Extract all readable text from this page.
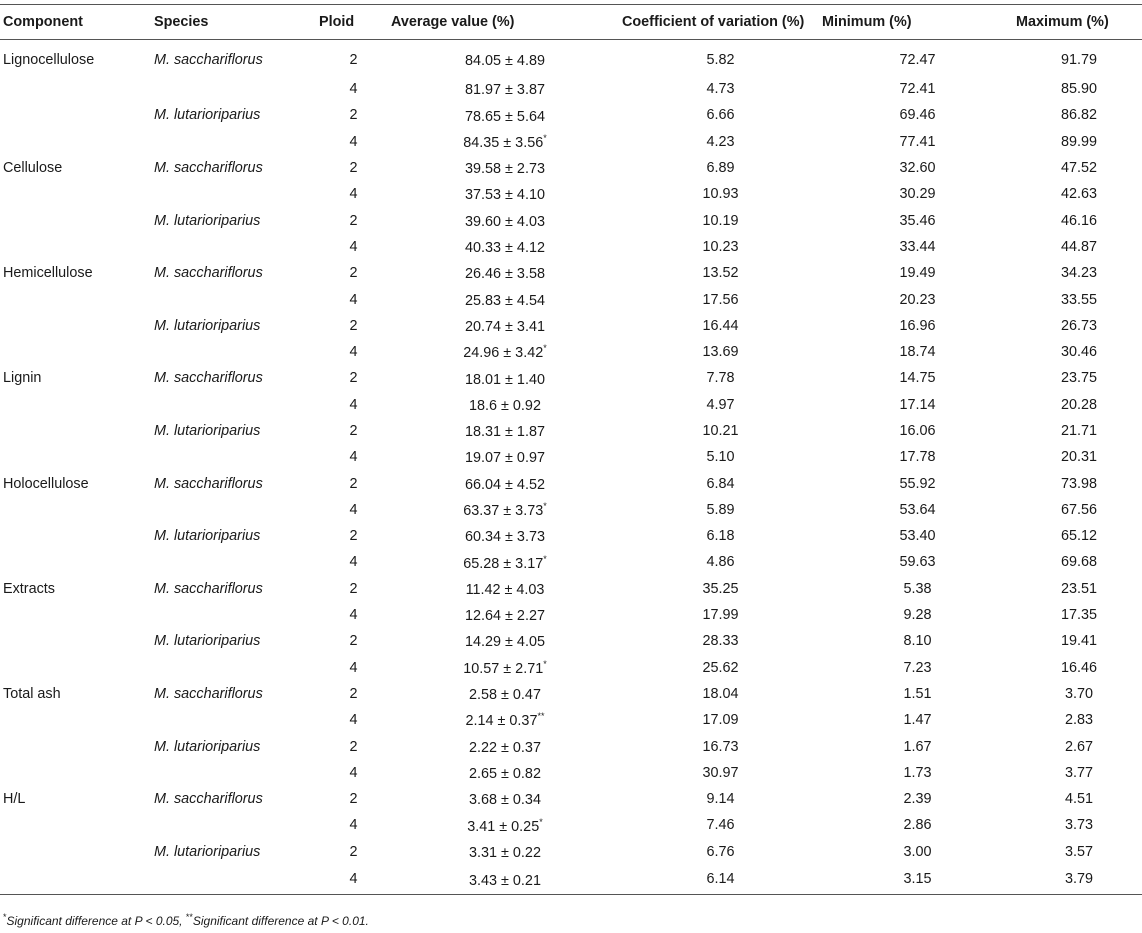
Component	Species	Ploid	Average value (%)	Coefficient of variation (%)	Minimum (%)	Maximum (%)
Lignocellulose	M. sacchariflorus	2	84.05 ± 4.89	5.82	72.47	91.79
		4	81.97 ± 3.87	4.73	72.41	85.90
	M. lutarioriparius	2	78.65 ± 5.64	6.66	69.46	86.82
		4	84.35 ± 3.56*	4.23	77.41	89.99
Cellulose	M. sacchariflorus	2	39.58 ± 2.73	6.89	32.60	47.52
		4	37.53 ± 4.10	10.93	30.29	42.63
	M. lutarioriparius	2	39.60 ± 4.03	10.19	35.46	46.16
		4	40.33 ± 4.12	10.23	33.44	44.87
Hemicellulose	M. sacchariflorus	2	26.46 ± 3.58	13.52	19.49	34.23
		4	25.83 ± 4.54	17.56	20.23	33.55
	M. lutarioriparius	2	20.74 ± 3.41	16.44	16.96	26.73
		4	24.96 ± 3.42*	13.69	18.74	30.46
Lignin	M. sacchariflorus	2	18.01 ± 1.40	7.78	14.75	23.75
		4	18.6 ± 0.92	4.97	17.14	20.28
	M. lutarioriparius	2	18.31 ± 1.87	10.21	16.06	21.71
		4	19.07 ± 0.97	5.10	17.78	20.31
Holocellulose	M. sacchariflorus	2	66.04 ± 4.52	6.84	55.92	73.98
		4	63.37 ± 3.73*	5.89	53.64	67.56
	M. lutarioriparius	2	60.34 ± 3.73	6.18	53.40	65.12
		4	65.28 ± 3.17*	4.86	59.63	69.68
Extracts	M. sacchariflorus	2	11.42 ± 4.03	35.25	5.38	23.51
		4	12.64 ± 2.27	17.99	9.28	17.35
	M. lutarioriparius	2	14.29 ± 4.05	28.33	8.10	19.41
		4	10.57 ± 2.71*	25.62	7.23	16.46
Total ash	M. sacchariflorus	2	2.58 ± 0.47	18.04	1.51	3.70
		4	2.14 ± 0.37**	17.09	1.47	2.83
	M. lutarioriparius	2	2.22 ± 0.37	16.73	1.67	2.67
		4	2.65 ± 0.82	30.97	1.73	3.77
H/L	M. sacchariflorus	2	3.68 ± 0.34	9.14	2.39	4.51
		4	3.41 ± 0.25*	7.46	2.86	3.73
	M. lutarioriparius	2	3.31 ± 0.22	6.76	3.00	3.57
		4	3.43 ± 0.21	6.14	3.15	3.79
*Significant difference at P < 0.05, **Significant difference at P < 0.01.
